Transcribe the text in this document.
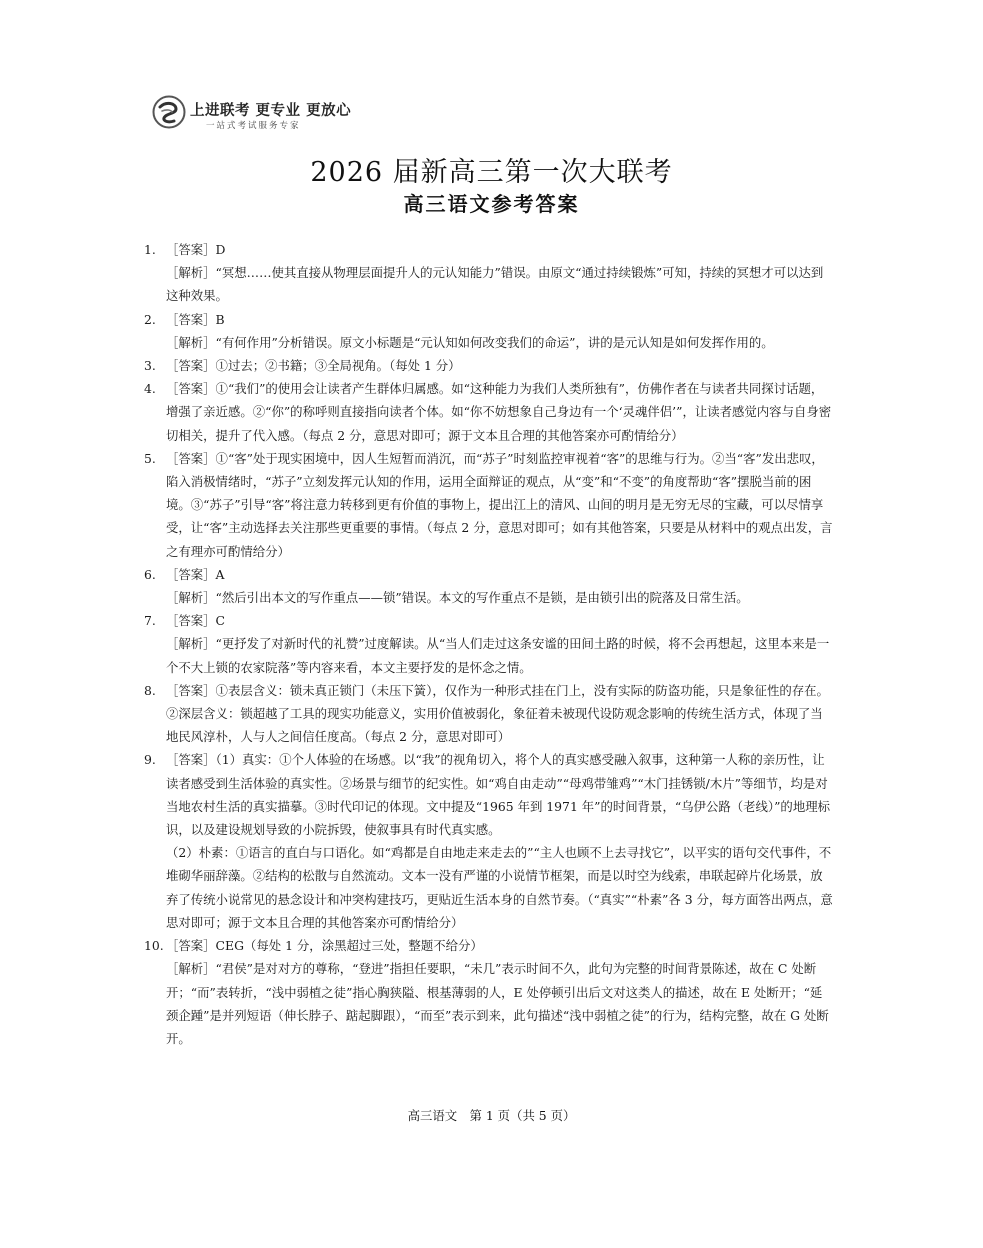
上进联考 更专业 更放心
一站式考试服务专家
2026 届新高三第一次大联考
高三语文参考答案
1. ［答案］D
［解析］“冥想……使其直接从物理层面提升人的元认知能力”错误。由原文“通过持续锻炼”可知，持续的冥想才可以达到这种效果。
2. ［答案］B
［解析］“有何作用”分析错误。原文小标题是“元认知如何改变我们的命运”，讲的是元认知是如何发挥作用的。
3. ［答案］①过去；②书籍；③全局视角。（每处 1 分）
4. ［答案］①“我们”的使用会让读者产生群体归属感。如“这种能力为我们人类所独有”，仿佛作者在与读者共同探讨话题，增强了亲近感。②“你”的称呼则直接指向读者个体。如“你不妨想象自己身边有一个‘灵魂伴侣’”，让读者感觉内容与自身密切相关，提升了代入感。（每点 2 分，意思对即可；源于文本且合理的其他答案亦可酌情给分）
5. ［答案］①“客”处于现实困境中，因人生短暂而消沉，而“苏子”时刻监控审视着“客”的思维与行为。②当“客”发出悲叹，陷入消极情绪时，“苏子”立刻发挥元认知的作用，运用全面辩证的观点，从“变”和“不变”的角度帮助“客”摆脱当前的困境。③“苏子”引导“客”将注意力转移到更有价值的事物上，提出江上的清风、山间的明月是无穷无尽的宝藏，可以尽情享受，让“客”主动选择去关注那些更重要的事情。（每点 2 分，意思对即可；如有其他答案，只要是从材料中的观点出发，言之有理亦可酌情给分）
6. ［答案］A
［解析］“然后引出本文的写作重点——锁”错误。本文的写作重点不是锁，是由锁引出的院落及日常生活。
7. ［答案］C
［解析］“更抒发了对新时代的礼赞”过度解读。从“当人们走过这条安谧的田间土路的时候，将不会再想起，这里本来是一个不大上锁的农家院落”等内容来看，本文主要抒发的是怀念之情。
8. ［答案］①表层含义：锁未真正锁门（未压下簧），仅作为一种形式挂在门上，没有实际的防盗功能，只是象征性的存在。②深层含义：锁超越了工具的现实功能意义，实用价值被弱化，象征着未被现代设防观念影响的传统生活方式，体现了当地民风淳朴，人与人之间信任度高。（每点 2 分，意思对即可）
9. ［答案］（1）真实：①个人体验的在场感。以“我”的视角切入，将个人的真实感受融入叙事，这种第一人称的亲历性，让读者感受到生活体验的真实性。②场景与细节的纪实性。如“鸡自由走动”“母鸡带雏鸡”“木门挂锈锁/木片”等细节，均是对当地农村生活的真实描摹。③时代印记的体现。文中提及“1965 年到 1971 年”的时间背景，“乌伊公路（老线）”的地理标识，以及建设规划导致的小院拆毁，使叙事具有时代真实感。
（2）朴素：①语言的直白与口语化。如“鸡都是自由地走来走去的”“主人也顾不上去寻找它”，以平实的语句交代事件，不堆砌华丽辞藻。②结构的松散与自然流动。文本一没有严谨的小说情节框架，而是以时空为线索，串联起碎片化场景，放弃了传统小说常见的悬念设计和冲突构建技巧，更贴近生活本身的自然节奏。（“真实”“朴素”各 3 分，每方面答出两点，意思对即可；源于文本且合理的其他答案亦可酌情给分）
10. ［答案］CEG（每处 1 分，涂黑超过三处，整题不给分）
［解析］“君侯”是对对方的尊称，“登进”指担任要职，“未几”表示时间不久，此句为完整的时间背景陈述，故在 C 处断开；“而”表转折，“浅中弱植之徒”指心胸狭隘、根基薄弱的人，E 处停顿引出后文对这类人的描述，故在 E 处断开；“延颈企踵”是并列短语（伸长脖子、踮起脚跟），“而至”表示到来，此句描述“浅中弱植之徒”的行为，结构完整，故在 G 处断开。
高三语文　第 1 页（共 5 页）
